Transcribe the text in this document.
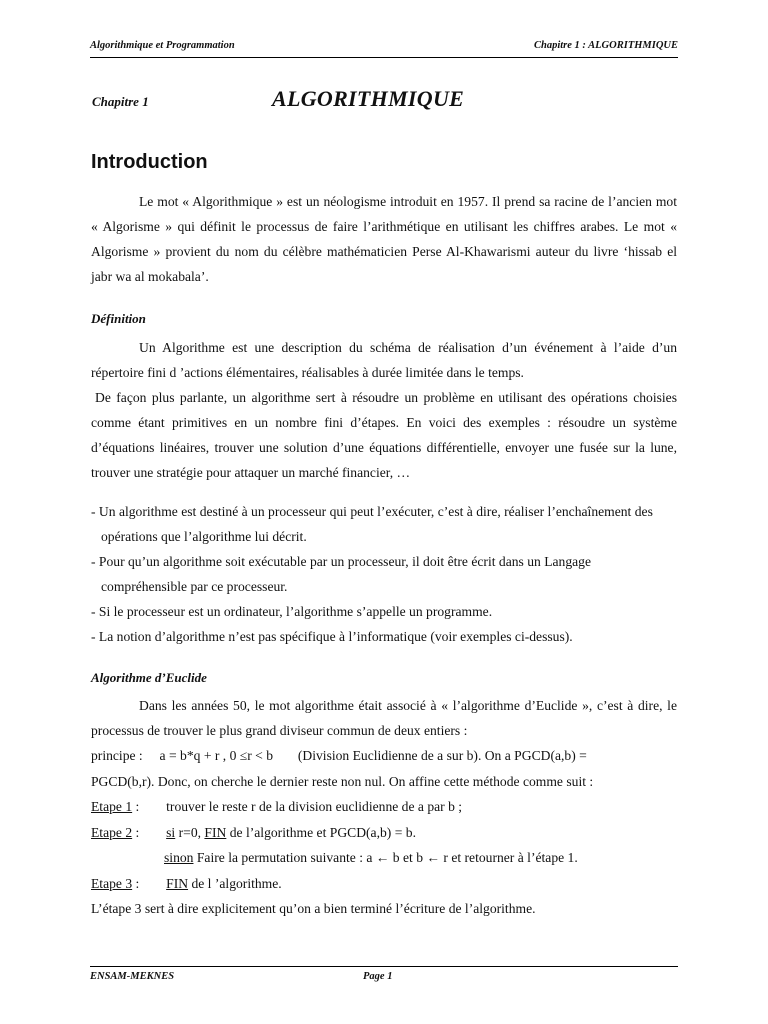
Algorithmique et Programmation	Chapitre 1 : ALGORITHMIQUE
Chapitre 1	ALGORITHMIQUE
Introduction

Le mot « Algorithmique » est un néologisme introduit en 1957. Il prend sa racine de l’ancien mot « Algorisme » qui définit le processus de faire l’arithmétique en utilisant les chiffres arabes. Le mot « Algorisme » provient du nom du célèbre mathématicien Perse Al-Khawarismi auteur du livre ‘hissab el jabr wa al mokabala’.

Définition

Un Algorithme est une description du schéma de réalisation d’un événement à l’aide d’un répertoire fini d ’actions élémentaires, réalisables à durée limitée dans le temps.

De façon plus parlante, un algorithme sert à résoudre un problème en utilisant des opérations choisies comme étant primitives en un nombre fini d’étapes. En voici des exemples : résoudre un système d’équations linéaires, trouver une solution d’une équations différentielle, envoyer une fusée sur la lune, trouver une stratégie pour attaquer un marché financier, …

- Un algorithme est destiné à un processeur qui peut l’exécuter, c’est à dire, réaliser l’enchaînement des opérations que l’algorithme lui décrit.

- Pour qu’un algorithme soit exécutable par un processeur, il doit être écrit dans un Langage compréhensible par ce processeur.

- Si le processeur est un ordinateur, l’algorithme s’appelle un programme.

- La notion d’algorithme n’est pas spécifique à l’informatique (voir exemples ci-dessus).

Algorithme d’Euclide

Dans les années 50, le mot algorithme était associé à « l’algorithme d’Euclide », c’est à dire, le processus de trouver le plus grand diviseur commun de deux entiers :

principe : a = b*q + r , 0 ≤r < b (Division Euclidienne de a sur b). On a PGCD(a,b) =

PGCD(b,r). Donc, on cherche le dernier reste non nul. On affine cette méthode comme suit :

Etape 1 : trouver le reste r de la division euclidienne de a par b ;

Etape 2 : si r=0, FIN de l’algorithme et PGCD(a,b) = b.

sinon Faire la permutation suivante : a ← b et b ← r et retourner à l’étape 1.

Etape 3 : FIN de l ’algorithme.

L’étape 3 sert à dire explicitement qu’on a bien terminé l’écriture de l’algorithme.

ENSAM-MEKNES	Page 1
